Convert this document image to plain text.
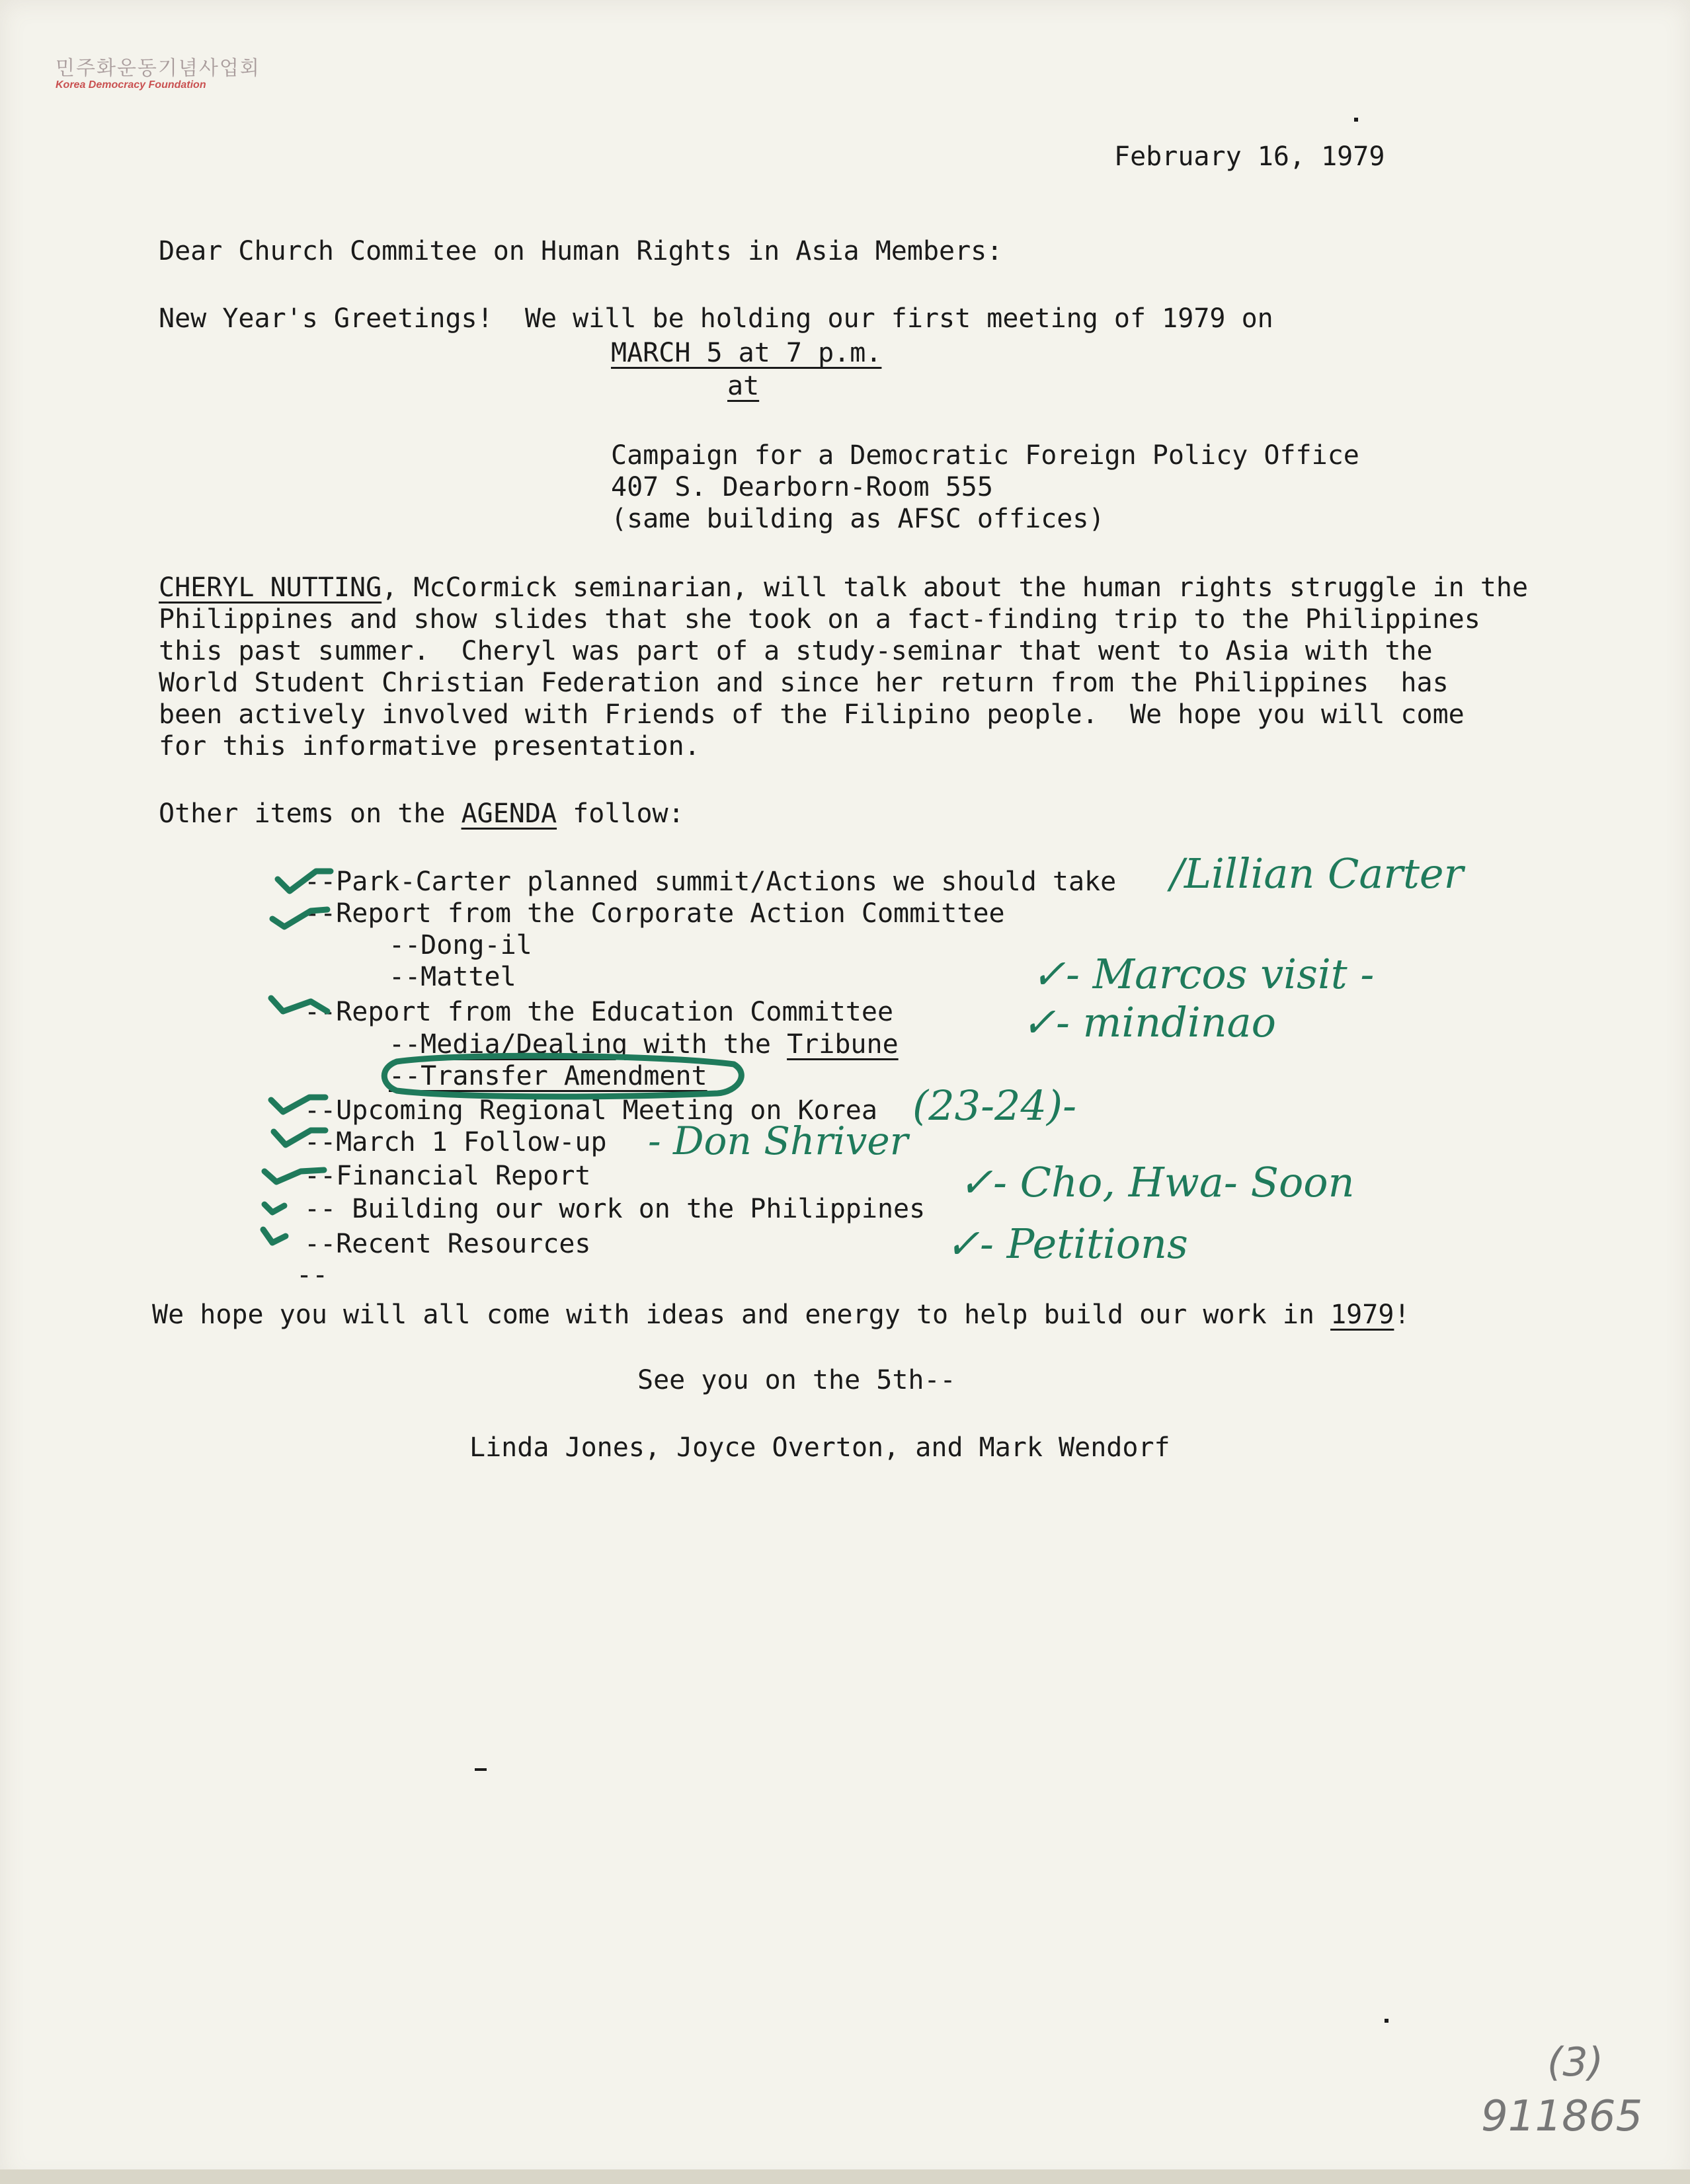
민주화운동기념사업회
Korea Democracy Foundation
February 16, 1979
Dear Church Commitee on Human Rights in Asia Members:
New Year's Greetings!  We will be holding our first meeting of 1979 on
MARCH 5 at 7 p.m.
at
Campaign for a Democratic Foreign Policy Office
407 S. Dearborn-Room 555
(same building as AFSC offices)
CHERYL NUTTING, McCormick seminarian, will talk about the human rights struggle in the
Philippines and show slides that she took on a fact-finding trip to the Philippines
this past summer.  Cheryl was part of a study-seminar that went to Asia with the
World Student Christian Federation and since her return from the Philippines  has
been actively involved with Friends of the Filipino people.  We hope you will come
for this informative presentation.
Other items on the AGENDA follow:
--Park-Carter planned summit/Actions we should take
--Report from the Corporate Action Committee
--Dong-il
--Mattel
--Report from the Education Committee
--Media/Dealing with the Tribune
--Transfer Amendment
--Upcoming Regional Meeting on Korea
--March 1 Follow-up
--Financial Report
-- Building our work on the Philippines
--Recent Resources
--
We hope you will all come with ideas and energy to help build our work in 1979!
See you on the 5th--
Linda Jones, Joyce Overton, and Mark Wendorf
/Lillian Carter
✓- Marcos visit -
✓- mindinao
(23-24)-
- Don Shriver
✓- Cho, Hwa- Soon
✓- Petitions
(3)
911865
